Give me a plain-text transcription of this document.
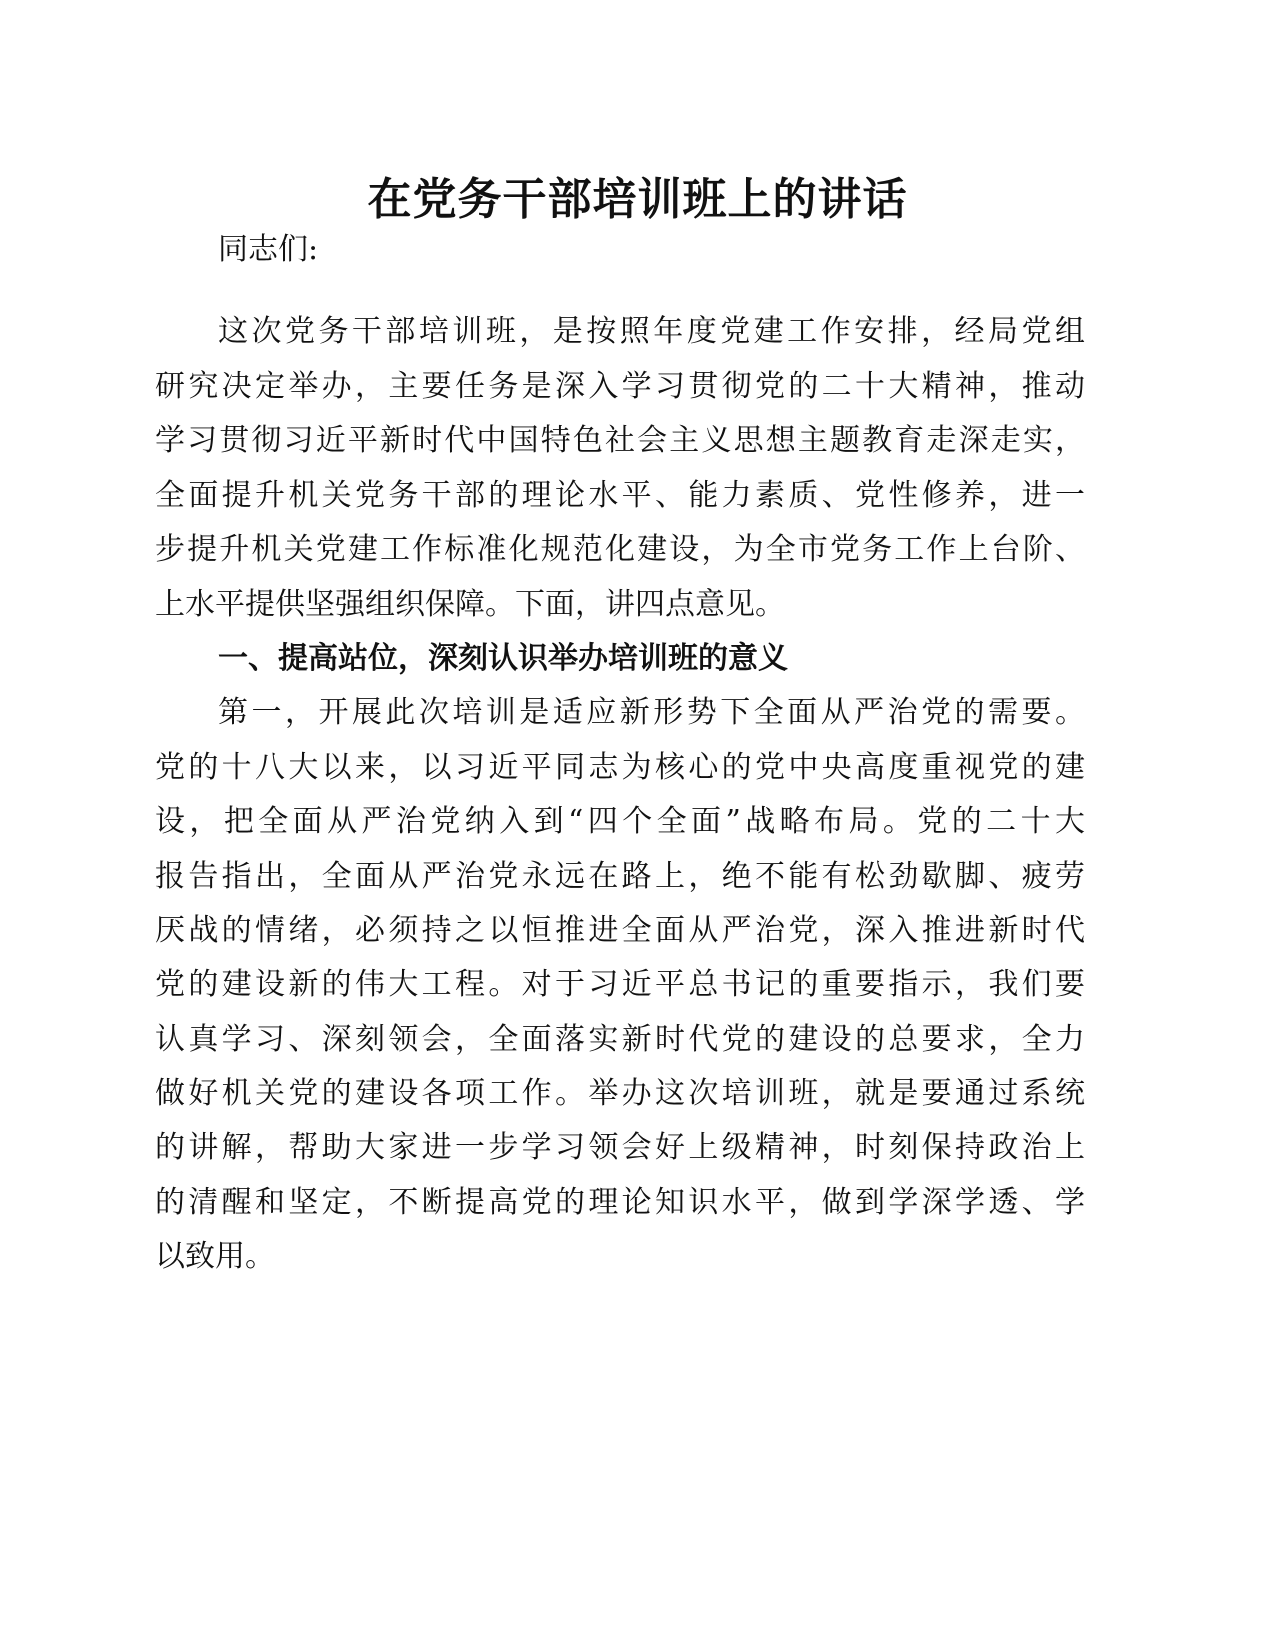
在党务干部培训班上的讲话
同志们:
这次党务干部培训班，是按照年度党建工作安排，经局党组
研究决定举办，主要任务是深入学习贯彻党的二十大精神，推动
学习贯彻习近平新时代中国特色社会主义思想主题教育走深走实，
全面提升机关党务干部的理论水平、能力素质、党性修养，进一
步提升机关党建工作标准化规范化建设，为全市党务工作上台阶、
上水平提供坚强组织保障。下面，讲四点意见。
一、提高站位，深刻认识举办培训班的意义
第一，开展此次培训是适应新形势下全面从严治党的需要。
党的十八大以来，以习近平同志为核心的党中央高度重视党的建
设，把全面从严治党纳入到“四个全面”战略布局。党的二十大
报告指出，全面从严治党永远在路上，绝不能有松劲歇脚、疲劳
厌战的情绪，必须持之以恒推进全面从严治党，深入推进新时代
党的建设新的伟大工程。对于习近平总书记的重要指示，我们要
认真学习、深刻领会，全面落实新时代党的建设的总要求，全力
做好机关党的建设各项工作。举办这次培训班，就是要通过系统
的讲解，帮助大家进一步学习领会好上级精神，时刻保持政治上
的清醒和坚定，不断提高党的理论知识水平，做到学深学透、学
以致用。
